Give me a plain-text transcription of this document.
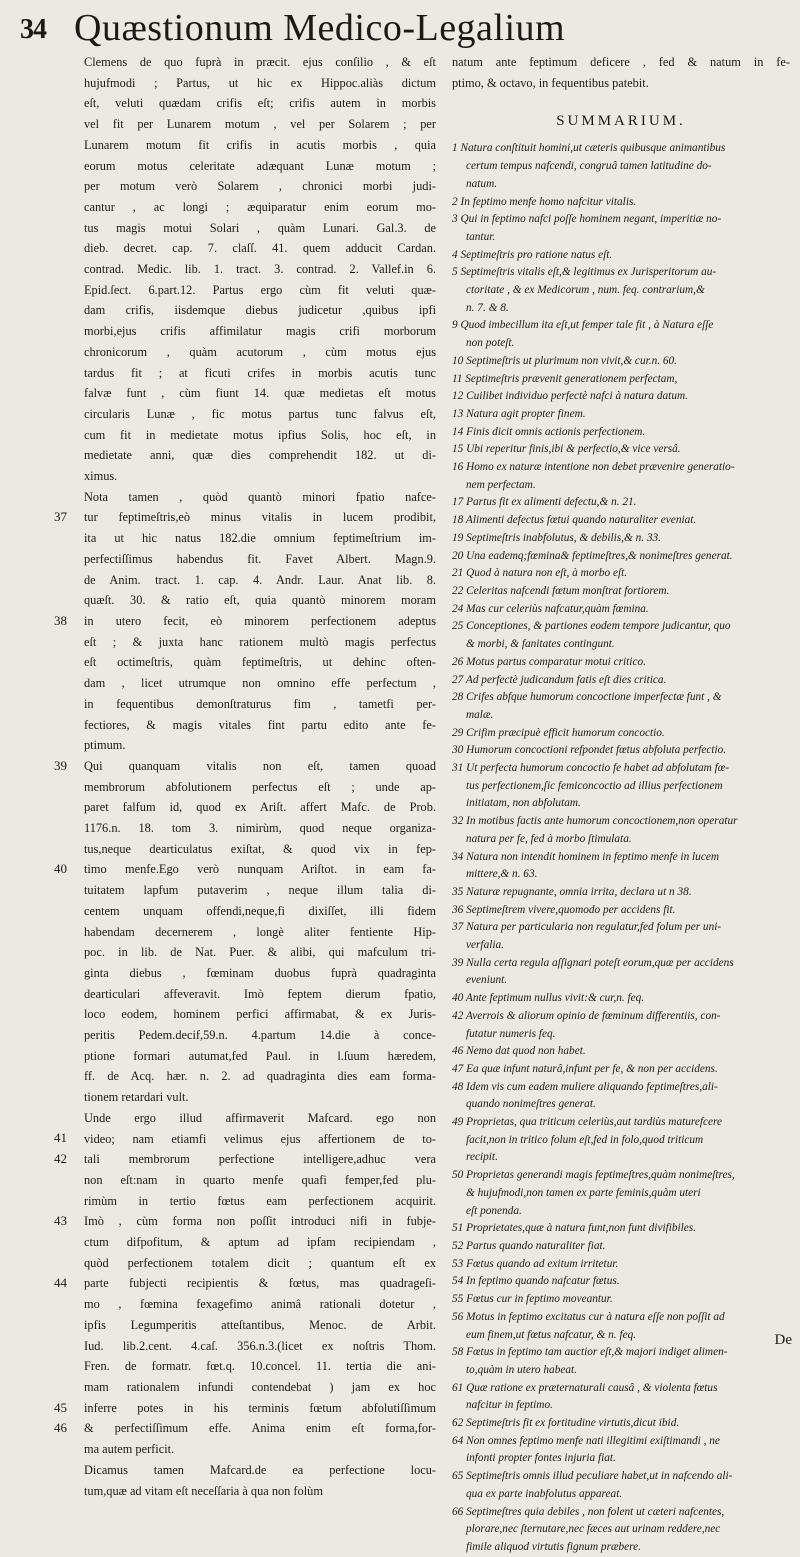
34 Quæstionum Medico-Legalium

Clemens de quo fuprà in præcit. ejus conſilio , & eſt

hujufmodi ; Partus, ut hic ex Hippoc.aliàs dictum

eſt, veluti quædam crifis eſt; crifis autem in morbis

vel fit per Lunarem motum , vel per Solarem ; per

Lunarem motum fit crifis in acutis morbis , quia

eorum motus celeritate adæquant Lunæ motum ;

per motum verò Solarem , chronici morbi judi-

cantur , ac longi ; æquiparatur enim eorum mo-

tus magis motui Solari , quàm Lunari. Gal.3. de

dieb. decret. cap. 7. claſſ. 41. quem adducit Cardan.

contrad. Medic. lib. 1. tract. 3. contrad. 2. Vallef.in 6.

Epid.ſect. 6.part.12. Partus ergo cùm fit veluti quæ-

dam crifis, iisdemque diebus judicetur ,quibus ipfi

morbi,ejus crifis affimilatur magis crifi morborum

chronicorum , quàm acutorum , cùm motus ejus

tardus fit ; at ficuti crifes in morbis acutis tunc

falvæ funt , cùm fiunt 14. quæ medietas eſt motus

circularis Lunæ , fic motus partus tunc falvus eſt,

cum fit in medietate motus ipfius Solis, hoc eſt, in

medietate anni, quæ dies comprehendit 182. ut di-

ximus.

Nota tamen , quòd quantò minori fpatio nafce-

tur feptimeſtris,eò minus vitalis in lucem prodibit,

ita ut hic natus 182.die omnium feptimeſtrium im-

perfectiſſimus habendus fit. Favet Albert. Magn.9.

de Anim. tract. 1. cap. 4. Andr. Laur. Anat lib. 8.

quæſt. 30. & ratio eſt, quia quantò minorem moram

in utero fecit, eò minorem perfectionem adeptus

eſt ; & juxta hanc rationem multò magis perfectus

eſt octimeſtris, quàm feptimeſtris, ut dehinc often-

dam , licet utrumque non omnino effe perfectum ,

in fequentibus demonſtraturus fim , tametfi per-

fectiores, & magis vitales fint partu edito ante fe-

ptimum.

Qui quanquam vitalis non eſt, tamen quoad

membrorum abfolutionem perfectus eſt ; unde ap-

paret falfum id, quod ex Ariſt. affert Mafc. de Prob.

1176.n. 18. tom 3. nimirùm, quod neque organiza-

tus,neque dearticulatus exiſtat, & quod vix in fep-

timo menfe.Ego verò nunquam Ariſtot. in eam fa-

tuitatem lapfum putaverim , neque illum talia di-

centem unquam offendi,neque,fi dixiſſet, illi fidem

habendam decernerem , longè aliter fentiente Hip-

poc. in lib. de Nat. Puer. & alibi, qui mafculum tri-

ginta diebus , fœminam duobus fuprà quadraginta

dearticulari affeveravit. Imò feptem dierum fpatio,

loco eodem, hominem perfici affirmabat, & ex Juris-

peritis Pedem.decif,59.n. 4.partum 14.die à conce-

ptione formari autumat,fed Paul. in l.ſuum hæredem,

ff. de Acq. hær. n. 2. ad quadraginta dies eam forma-

tionem retardari vult.

Unde ergo illud affirmaverit Mafcard. ego non

video; nam etiamfi velimus ejus affertionem de to-

tali membrorum perfectione intelligere,adhuc vera

non eſt:nam in quarto menfe quafi femper,fed plu-

rimùm in tertio fœtus eam perfectionem acquirit.

Imò , cùm forma non poſſit introduci nifi in fubje-

ctum difpofitum, & aptum ad ipfam recipiendam ,

quòd perfectionem totalem dicit ; quantum eſt ex

parte fubjecti recipientis & fœtus, mas quadrageſi-

mo , fœmina fexagefimo animâ rationali dotetur ,

ipfis Legumperitis atteſtantibus, Menoc. de Arbit.

Iud. lib.2.cent. 4.caſ. 356.n.3.(licet ex noſtris Thom.

Fren. de formatr. fœt.q. 10.concel. 11. tertia die ani-

mam rationalem infundi contendebat ) jam ex hoc

inferre potes in his terminis fœtum abfolutiſſimum

& perfectiſſimum effe. Anima enim eſt forma,for-

ma autem perficit.

Dicamus tamen Mafcard.de ea perfectione locu-

tum,quæ ad vitam eſt neceſſaria à qua non folùm

natum ante feptimum deficere , fed & natum in fe-

ptimo, & octavo, in fequentibus patebit.

SUMMARIUM.

1 Natura conſtituit homini,ut cæteris quibusque animantibus

certum tempus nafcendi, congruâ tamen latitudine do-

natum.

2 In feptimo menfe homo nafcitur vitalis.

3 Qui in feptimo nafci poſſe hominem negant, imperitiæ no-

tantur.

4 Septimeſtris pro ratione natus eſt.

5 Septimeſtris vitalis eſt,& legitimus ex Jurisperitorum au-

ctoritate , & ex Medicorum , num. feq. contrarium,&

n. 7. & 8.

9 Quod imbecillum ita eſt,ut femper tale fit , à Natura eſſe

non poteſt.

10 Septimeſtris ut plurimum non vivit,& cur.n. 60.

11 Septimeſtris prævenit generationem perfectam,

12 Cuilibet individuo perfectè nafci à natura datum.

13 Natura agit propter finem.

14 Finis dicit omnis actionis perfectionem.

15 Ubi reperitur finis,ibi & perfectio,& vice versâ.

16 Homo ex naturæ intentione non debet prævenire generatio-

nem perfectam.

17 Partus fit ex alimenti defectu,& n. 21.

18 Alimenti defectus fœtui quando naturaliter eveniat.

19 Septimeſtris inabfolutus, & debilis,& n. 33.

20 Una eademq;fœmina& feptimeſtres,& nonimeſtres generat.

21 Quod à natura non eſt, à morbo eſt.

22 Celeritas nafcendi fœtum monſtrat fortiorem.

24 Mas cur celeriùs nafcatur,quàm fœmina.

25 Conceptiones, & partiones eodem tempore judicantur, quo

& morbi, & fanitates contingunt.

26 Motus partus comparatur motui critico.

27 Ad perfectè judicandum fatis eſt dies critica.

28 Crifes abfque humorum concoctione imperfectæ funt , &

malæ.

29 Crifim præcipuè efficit humorum concoctio.

30 Humorum concoctioni refpondet fœtus abfoluta perfectio.

31 Ut perfecta humorum concoctio fe habet ad abfolutam fœ-

tus perfectionem,ſic femiconcoctio ad illius perfectionem

initiatam, non abfolutam.

32 In motibus factis ante humorum concoctionem,non operatur

natura per fe, fed à morbo ſtimulata.

34 Natura non intendit hominem in feptimo menfe in lucem

mittere,& n. 63.

35 Naturæ repugnante, omnia irrita, declara ut n 38.

36 Septimeſtrem vivere,quomodo per accidens fit.

37 Natura per particularia non regulatur,fed folum per uni-

verfalia.

39 Nulla certa regula aſſignari poteſt eorum,quæ per accidens

eveniunt.

40 Ante feptimum nullus vivit:& cur,n. feq.

42 Averrois & aliorum opinio de fœminum differentiis, con-

futatur numeris feq.

46 Nemo dat quod non habet.

47 Ea quæ infunt naturâ,infunt per fe, & non per accidens.

48 Idem vis cum eadem muliere aliquando feptimeſtres,ali-

quando nonimeſtres generat.

49 Proprietas, qua triticum celeriùs,aut tardiùs maturefcere

facit,non in tritico folum eſt,fed in folo,quod triticum

recipit.

50 Proprietas generandi magis feptimeſtres,quàm nonimeſtres,

& hujufmodi,non tamen ex parte feminis,quàm uteri

eſt ponenda.

51 Proprietates,quæ à natura funt,non funt divifibiles.

52 Partus quando naturaliter fiat.

53 Fœtus quando ad exitum irritetur.

54 In feptimo quando nafcatur fœtus.

55 Fœtus cur in feptimo moveantur.

56 Motus in feptimo excitatus cur à natura eſſe non poſſit ad

eum finem,ut fœtus nafcatur, & n. feq.

58 Fœtus in feptimo tam auctior eſt,& majori indiget alimen-

to,quàm in utero habeat.

61 Quæ ratione ex præternaturali causâ , & violenta fœtus

nafcitur in feptimo.

62 Septimeſtris fit ex fortitudine virtutis,dicut ibid.

64 Non omnes feptimo menfe nati illegitimi exiſtimandi , ne

infonti propter fontes injuria fiat.

65 Septimeſtris omnis illud peculiare habet,ut in nafcendo ali-

qua ex parte inabfolutus appareat.

66 Septimeſtres quia debiles , non folent ut cæteri nafcentes,

plorare,nec ſternutare,nec fæces aut urinam reddere,nec

fimile aliquod virtutis fignum præbere.

37
38
39
40
41
42
43
44
45
46
De
